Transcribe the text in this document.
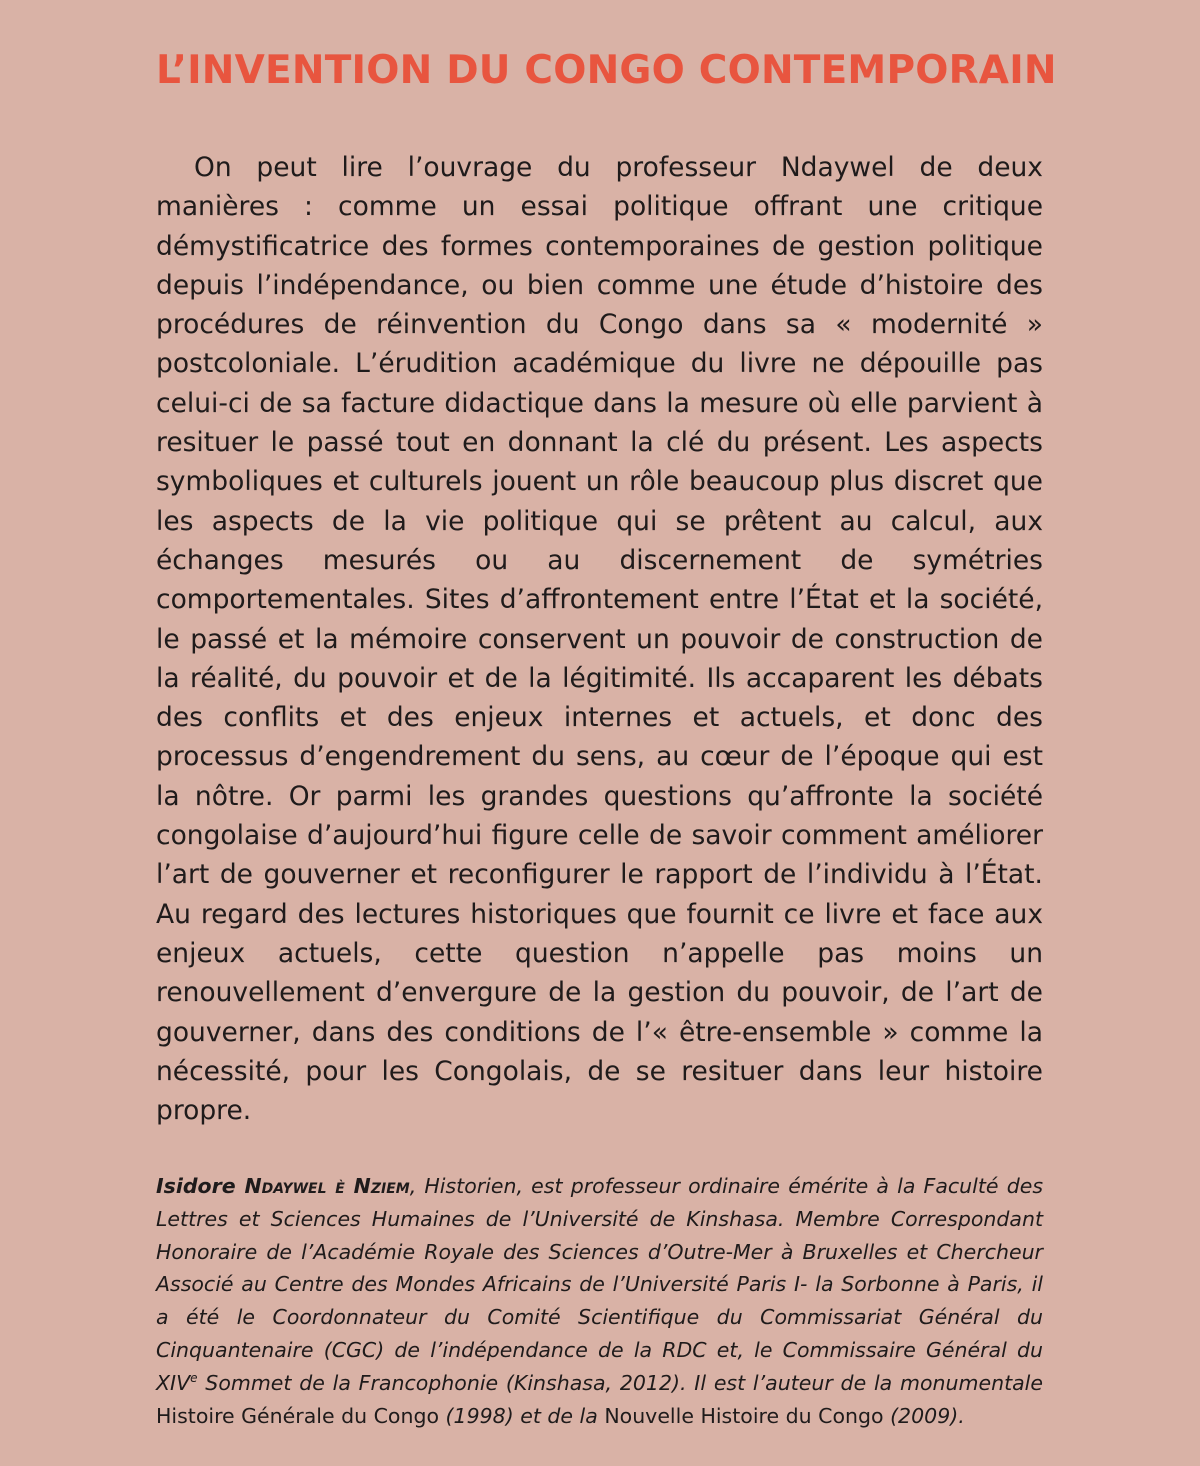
L’INVENTION DU CONGO CONTEMPORAIN

On peut lire l’ouvrage du professeur Ndaywel de deux manières : comme un essai politique offrant une critique démystificatrice des formes contemporaines de gestion politique depuis l’indépendance, ou bien comme une étude d’histoire des procédures de réinvention du Congo dans sa « modernité » postcoloniale. L’érudition académique du livre ne dépouille pas celui-ci de sa facture didactique dans la mesure où elle parvient à resituer le passé tout en donnant la clé du présent. Les aspects symboliques et culturels jouent un rôle beaucoup plus discret que les aspects de la vie politique qui se prêtent au calcul, aux échanges mesurés ou au discernement de symétries comportementales. Sites d’affrontement entre l’État et la société, le passé et la mémoire conservent un pouvoir de construction de la réalité, du pouvoir et de la légitimité. Ils accaparent les débats des conflits et des enjeux internes et actuels, et donc des processus d’engendrement du sens, au cœur de l’époque qui est la nôtre. Or parmi les grandes questions qu’affronte la société congolaise d’aujourd’hui figure celle de savoir comment améliorer l’art de gouverner et reconfigurer le rapport de l’individu à l’État. Au regard des lectures historiques que fournit ce livre et face aux enjeux actuels, cette question n’appelle pas moins un renouvellement d’envergure de la gestion du pouvoir, de l’art de gouverner, dans des conditions de l’« être-ensemble » comme la nécessité, pour les Congolais, de se resituer dans leur histoire propre.

Isidore Ndaywel è Nziem, Historien, est professeur ordinaire émérite à la Faculté des Lettres et Sciences Humaines de l’Université de Kinshasa. Membre Correspondant Honoraire de l’Académie Royale des Sciences d’Outre-Mer à Bruxelles et Chercheur Associé au Centre des Mondes Africains de l’Université Paris I- la Sorbonne à Paris, il a été le Coordonnateur du Comité Scientifique du Commissariat Général du Cinquantenaire (CGC) de l’indépendance de la RDC et, le Commissaire Général du XIVe Sommet de la Francophonie (Kinshasa, 2012). Il est l’auteur de la monumentale Histoire Générale du Congo (1998) et de la Nouvelle Histoire du Congo (2009).
